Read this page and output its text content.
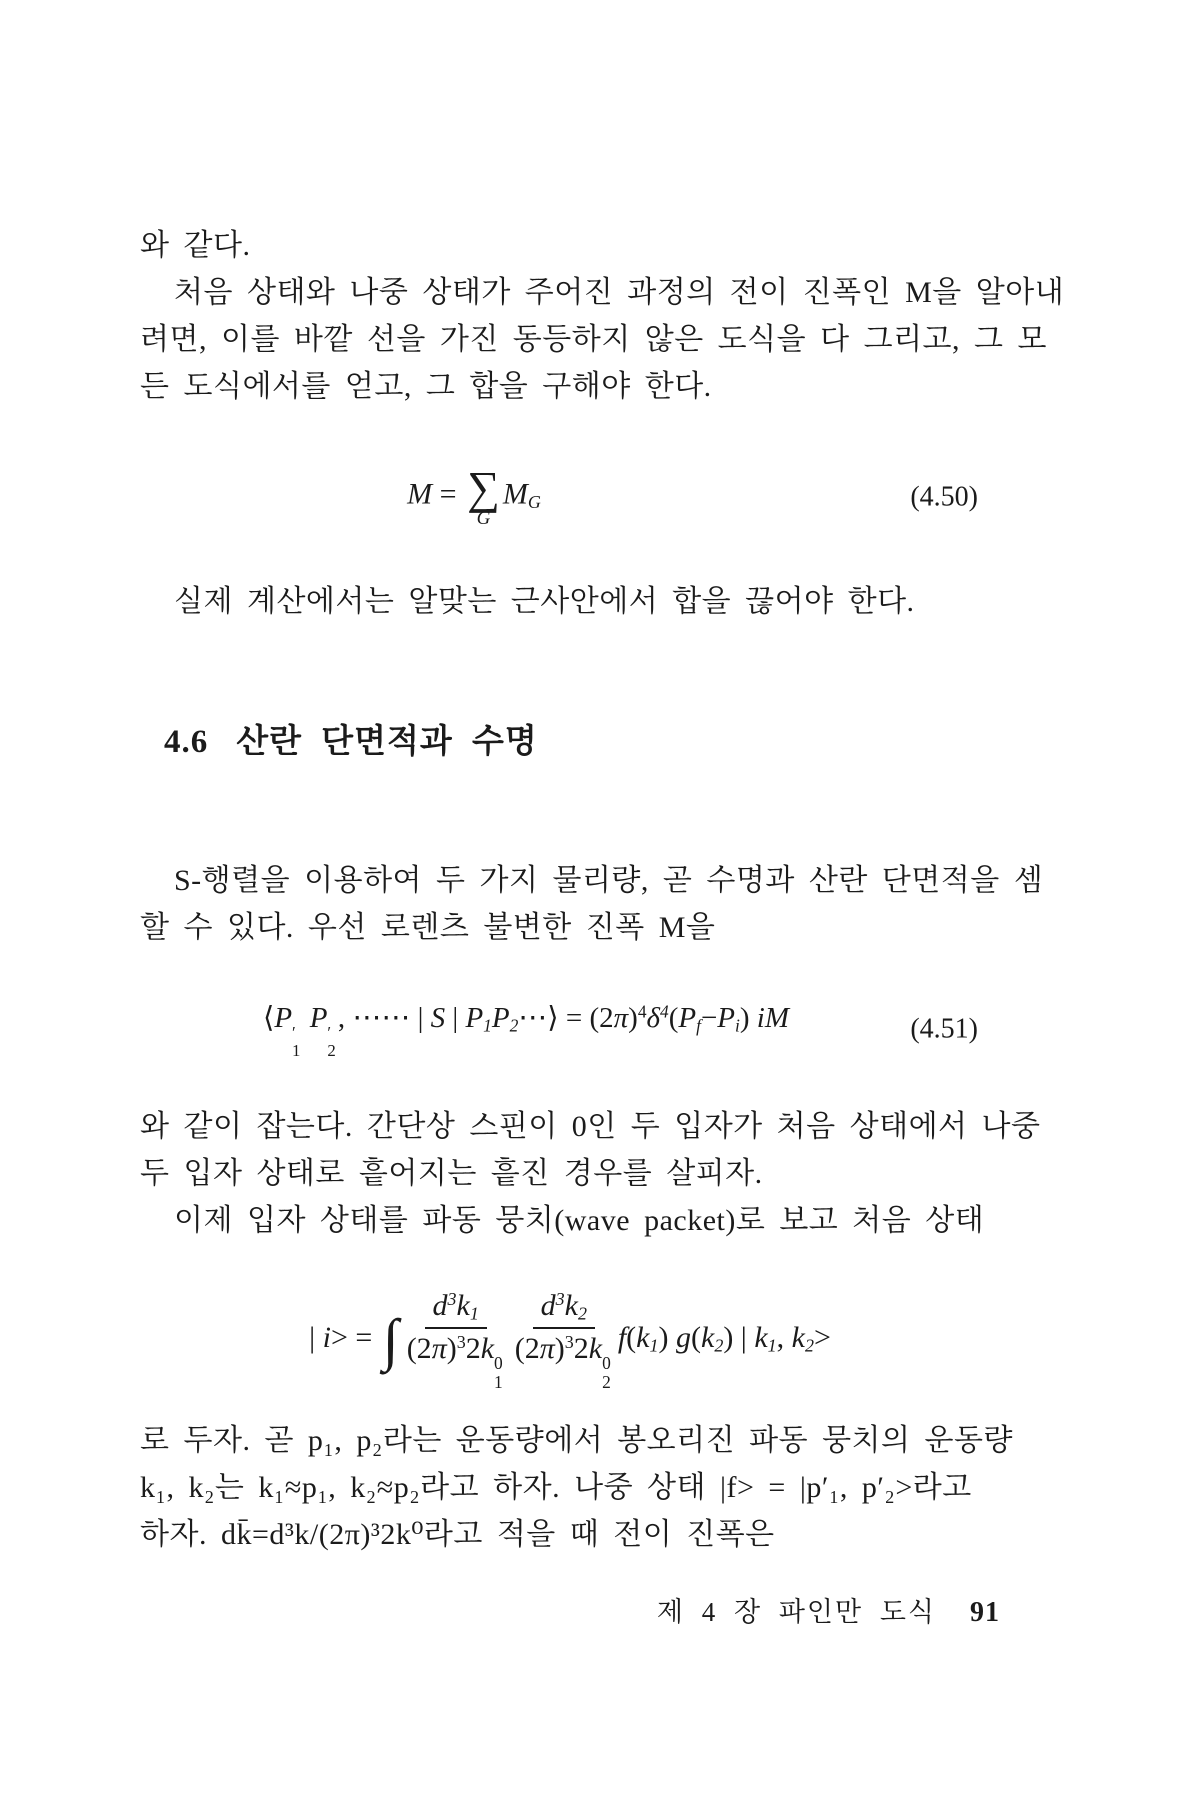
와 같다.
처음 상태와 나중 상태가 주어진 과정의 전이 진폭인 M을 알아내
려면, 이를 바깥 선을 가진 동등하지 않은 도식을 다 그리고, 그 모
든 도식에서를 얻고, 그 합을 구해야 한다.
M = ∑
G
$M_G$	(4.50)
실제 계산에서는 알맞는 근사안에서 합을 끊어야 한다.
4.6 산란 단면적과 수명
S-행렬을 이용하여 두 가지 물리량, 곧 수명과 산란 단면적을 셈
할 수 있다. 우선 로렌츠 불변한 진폭 M을
⟨P ′
1
P ′
2
, ⋯⋯ | S | $P_1P_2\cdots⟩ = (2\pi)^4\delta^4(P_f-P_i)$ iM	(4.51)
와 같이 잡는다. 간단상 스핀이 0인 두 입자가 처음 상태에서 나중
두 입자 상태로 흩어지는 흩진 경우를 살피자.
이제 입자 상태를 파동 뭉치(wave packet)로 보고 처음 상태
| i> = ∫ $d^3k_1$
$(2\pi)^32k$ 0
1 $d^3k_2$
$(2\pi)^32k$ 0
2 $f(k_1)$ $g(k_2)$ | $k_1$, $k_2>$
로 두자. 곧 p₁, p₂라는 운동량에서 봉오리진 파동 뭉치의 운동량
k₁, k₂는 k₁≈p₁, k₂≈p₂라고 하자. 나중 상태 |f> = |p′₁, p′₂>라고
하자. dk̄=d³k/(2π)³2k⁰라고 적을 때 전이 진폭은
제 4 장 파인만 도식 91
